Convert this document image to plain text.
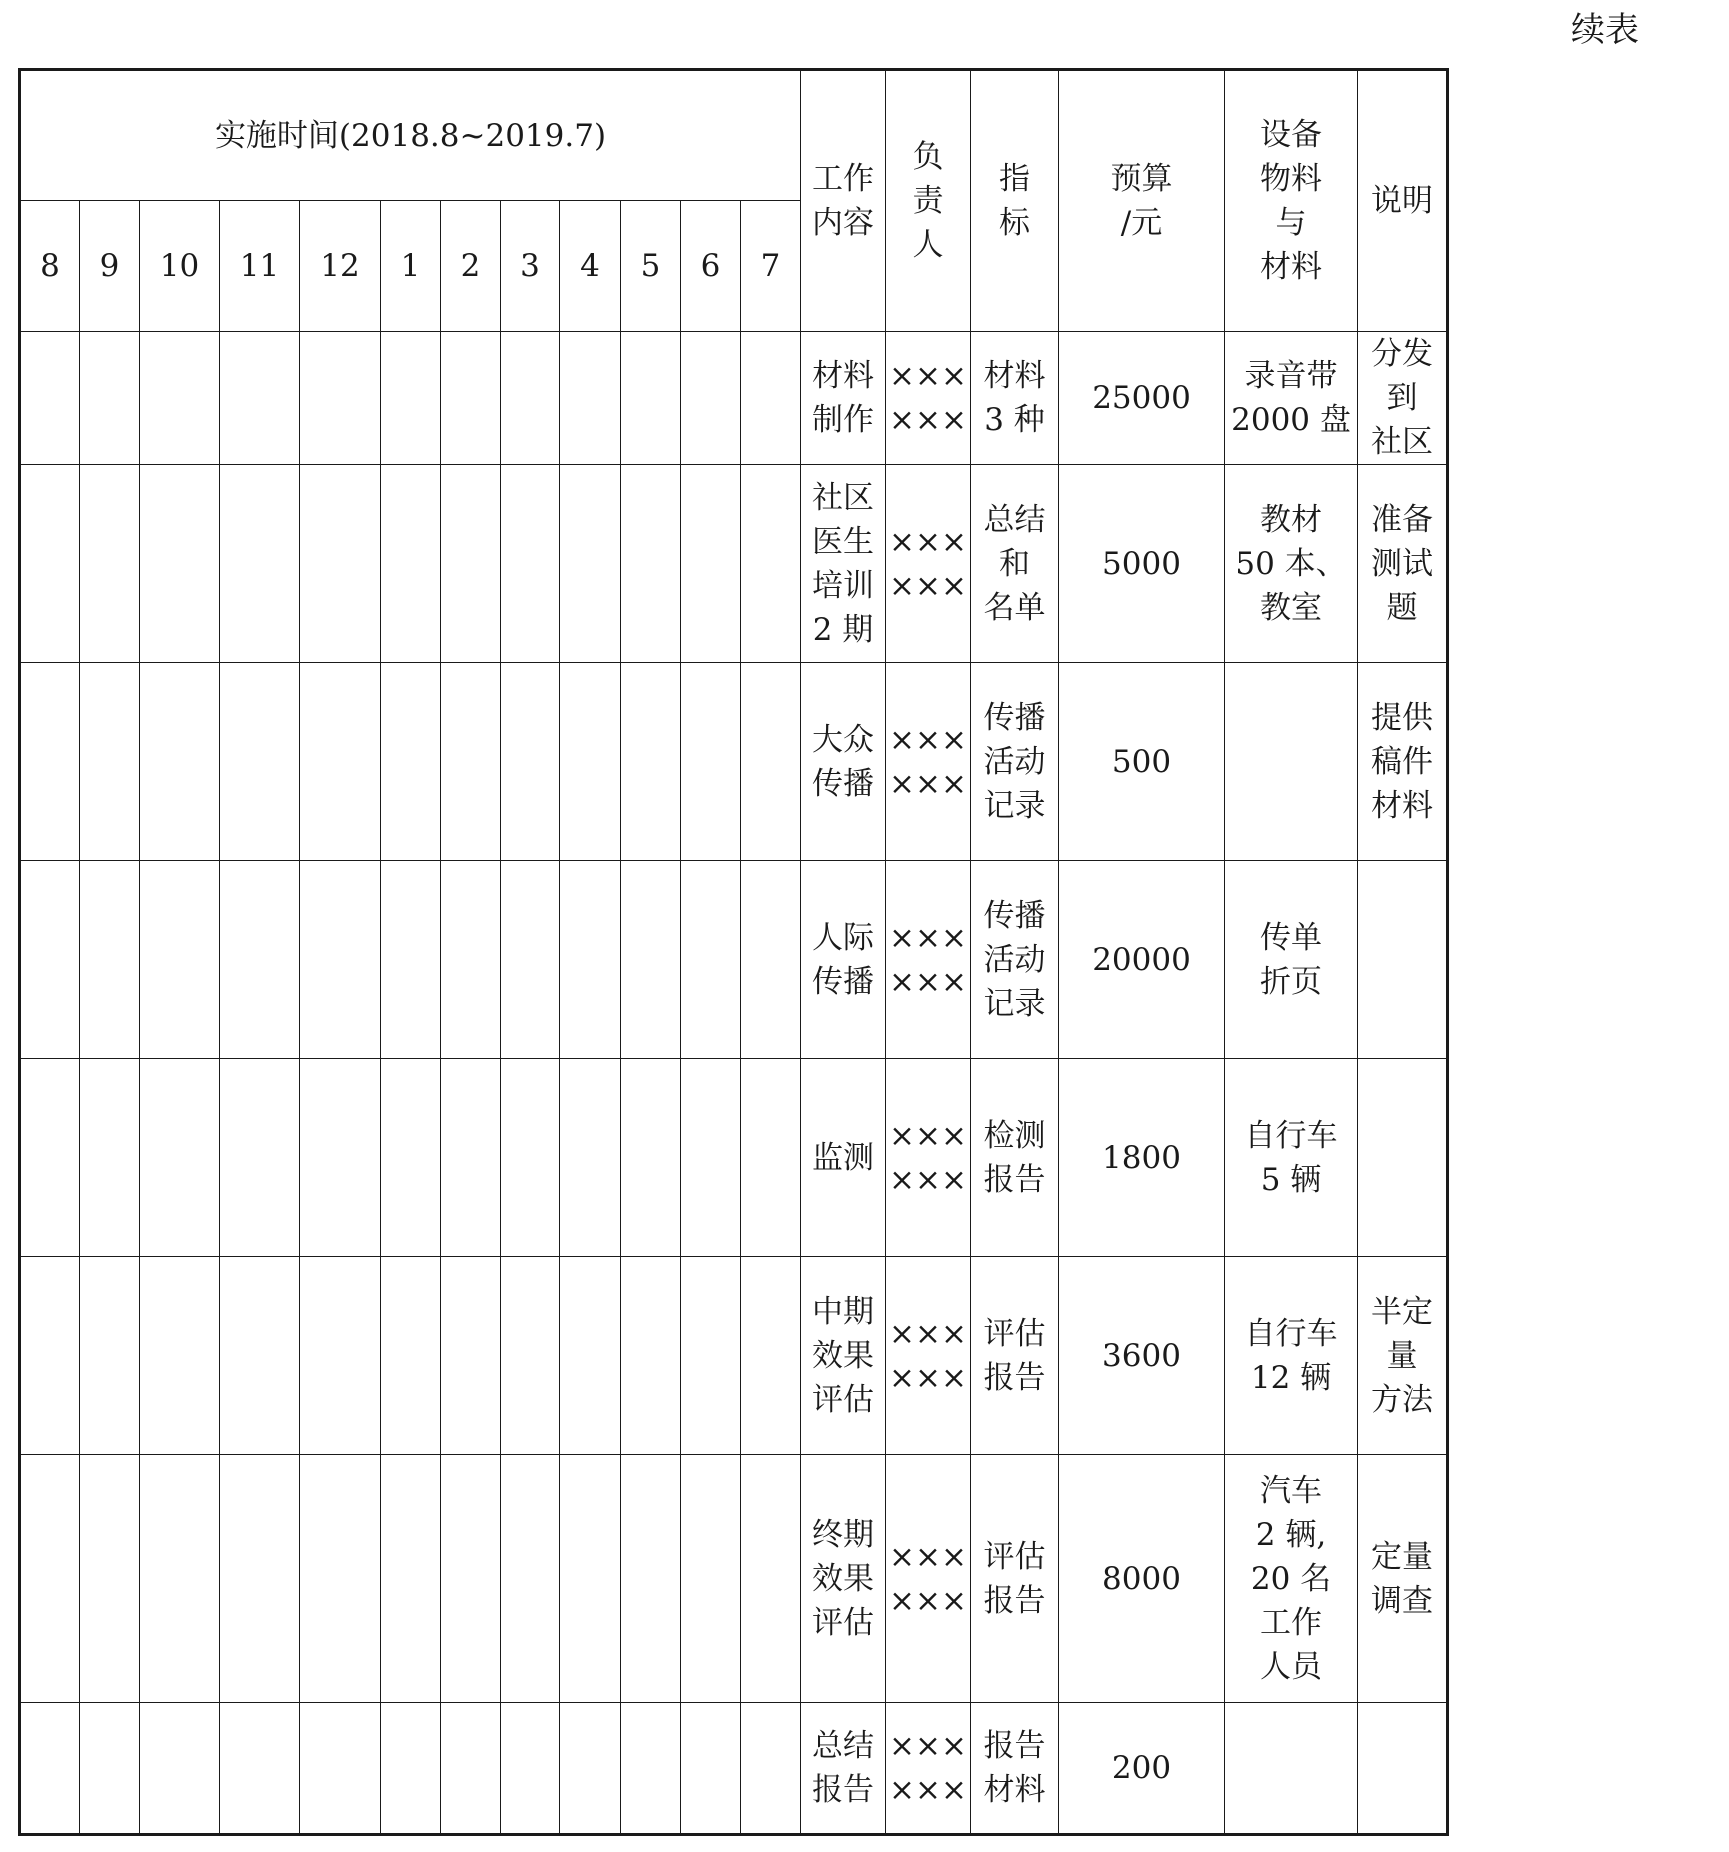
续表
实施时间(2018.8~2019.7)												工作
内容	负
责
人	指
标	预算
/元	设备
物料
与
材料	说明
8	9	10	11	12	1	2	3	4	5	6	7						
												材料
制作	×××
×××	材料
3 种	25000	录音带
2000 盘	分发到
社区
												社区
医生
培训
2 期	×××
×××	总结
和
名单	5000	教材
50 本、
教室	准备
测试题
												大众
传播	×××
×××	传播
活动
记录	500		提供
稿件
材料
												人际
传播	×××
×××	传播
活动
记录	20000	传单
折页	
												监测	×××
×××	检测
报告	1800	自行车
5 辆	
												中期
效果
评估	×××
×××	评估
报告	3600	自行车
12 辆	半定量
方法
												终期
效果
评估	×××
×××	评估
报告	8000	汽车
2 辆,
20 名
工作
人员	定量
调查
												总结
报告	×××
×××	报告
材料	200		
